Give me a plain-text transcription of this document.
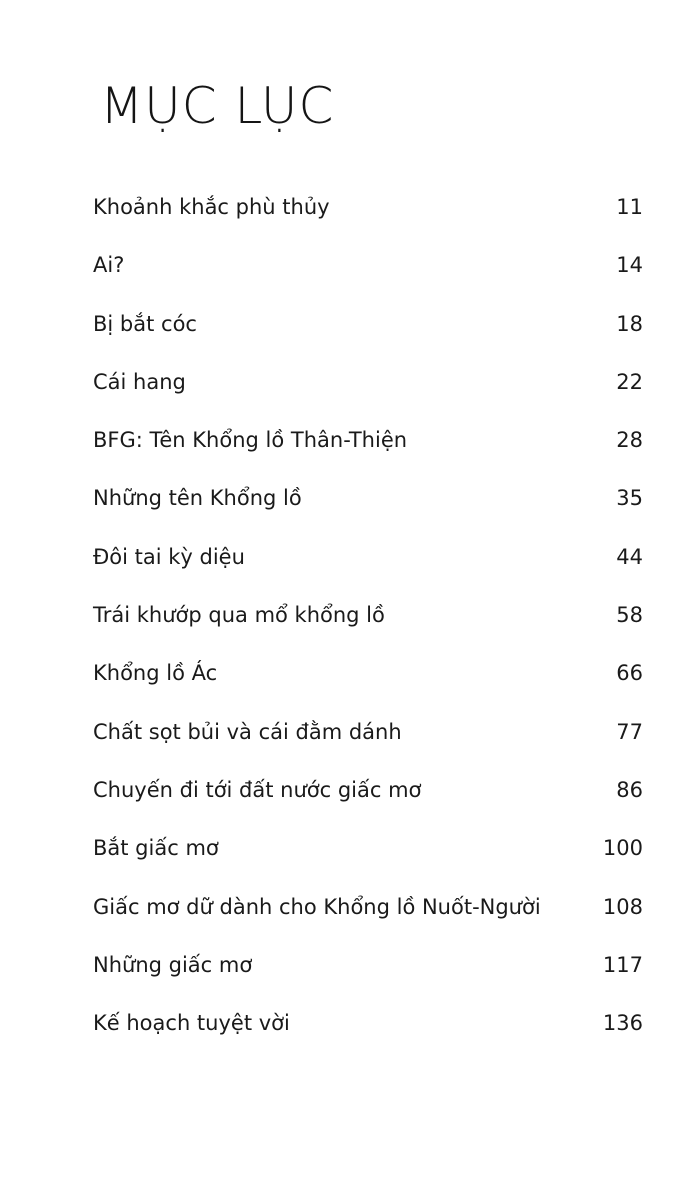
MỤC LỤC
Khoảnh khắc phù thủy	11
Ai?	14
Bị bắt cóc	18
Cái hang	22
BFG: Tên Khổng lồ Thân-Thiện	28
Những tên Khổng lồ	35
Đôi tai kỳ diệu	44
Trái khướp qua mổ khổng lồ	58
Khổng lồ Ác	66
Chất sọt bủi và cái đằm dánh	77
Chuyến đi tới đất nước giấc mơ	86
Bắt giấc mơ	100
Giấc mơ dữ dành cho Khổng lồ Nuốt-Người	108
Những giấc mơ	117
Kế hoạch tuyệt vời	136
